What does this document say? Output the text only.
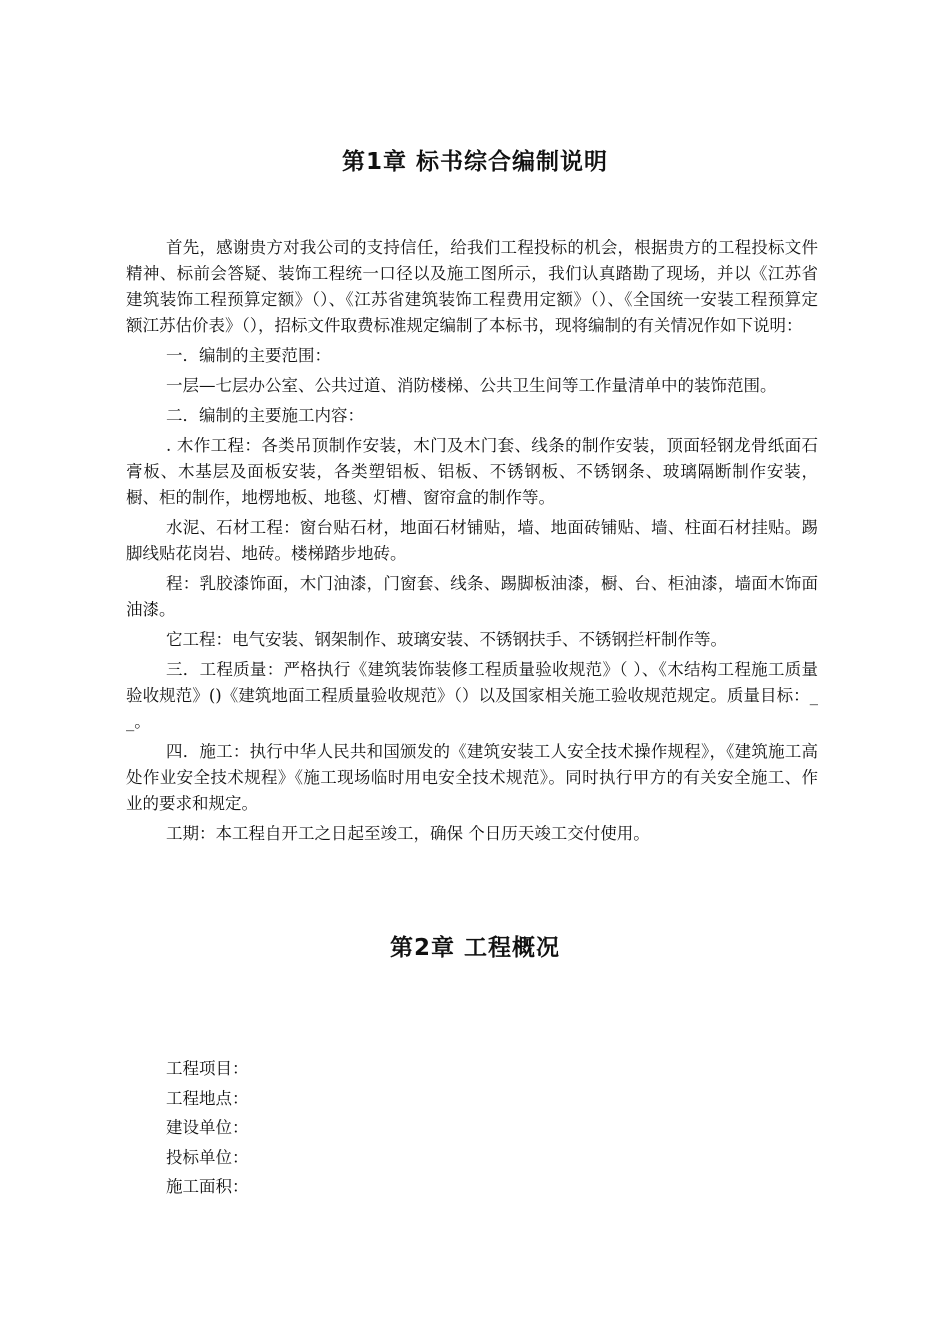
第1章 标书综合编制说明

首先，感谢贵方对我公司的支持信任，给我们工程投标的机会，根据贵方的工程投标文件精神、标前会答疑、装饰工程统一口径以及施工图所示，我们认真踏勘了现场，并以《江苏省建筑装饰工程预算定额》（）、《江苏省建筑装饰工程费用定额》（）、《全国统一安装工程预算定额江苏估价表》（），招标文件取费标准规定编制了本标书，现将编制的有关情况作如下说明：

一．编制的主要范围：

一层—七层办公室、公共过道、消防楼梯、公共卫生间等工作量清单中的装饰范围。

二．编制的主要施工内容：

. 木作工程：各类吊顶制作安装，木门及木门套、线条的制作安装，顶面轻钢龙骨纸面石膏板、木基层及面板安装，各类塑铝板、铝板、不锈钢板、不锈钢条、玻璃隔断制作安装，橱、柜的制作，地楞地板、地毯、灯槽、窗帘盒的制作等。

水泥、石材工程：窗台贴石材，地面石材铺贴，墙、地面砖铺贴、墙、柱面石材挂贴。踢脚线贴花岗岩、地砖。楼梯踏步地砖。

程：乳胶漆饰面，木门油漆，门窗套、线条、踢脚板油漆，橱、台、柜油漆，墙面木饰面油漆。

它工程：电气安装、钢架制作、玻璃安装、不锈钢扶手、不锈钢拦杆制作等。

三．工程质量：严格执行《建筑装饰装修工程质量验收规范》（ ）、《木结构工程施工质量验收规范》()《建筑地面工程质量验收规范》（）以及国家相关施工验收规范规定。质量目标：__。

四．施工：执行中华人民共和国颁发的《建筑安装工人安全技术操作规程》，《建筑施工高处作业安全技术规程》《施工现场临时用电安全技术规范》。同时执行甲方的有关安全施工、作业的要求和规定。

工期：本工程自开工之日起至竣工，确保 个日历天竣工交付使用。

第2章 工程概况

工程项目：

工程地点：

建设单位：

投标单位：

施工面积：
